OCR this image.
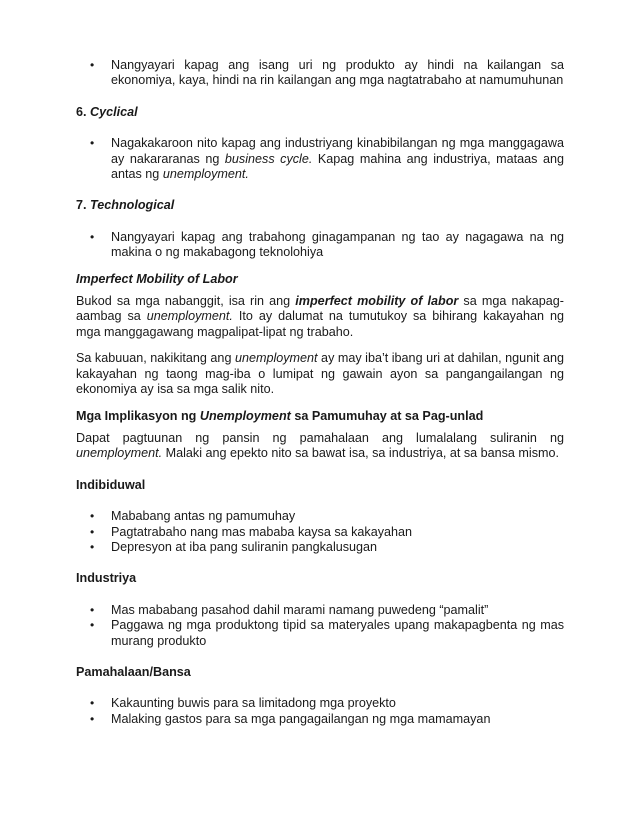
• Nangyayari kapag ang isang uri ng produkto ay hindi na kailangan sa ekonomiya, kaya, hindi na rin kailangan ang mga nagtatrabaho at namumuhunan

6. Cyclical

• Nagakakaroon nito kapag ang industriyang kinabibilangan ng mga manggagawa ay nakararanas ng business cycle. Kapag mahina ang industriya, mataas ang antas ng unemployment.

7. Technological

• Nangyayari kapag ang trabahong ginagampanan ng tao ay nagagawa na ng makina o ng makabagong teknolohiya

Imperfect Mobility of Labor

Bukod sa mga nabanggit, isa rin ang imperfect mobility of labor sa mga nakapag-aambag sa unemployment. Ito ay dalumat na tumutukoy sa bihirang kakayahan ng mga manggagawang magpalipat-lipat ng trabaho.

Sa kabuuan, nakikitang ang unemployment ay may iba’t ibang uri at dahilan, ngunit ang kakayahan ng taong mag-iba o lumipat ng gawain ayon sa pangangailangan ng ekonomiya ay isa sa mga salik nito.

Mga Implikasyon ng Unemployment sa Pamumuhay at sa Pag-unlad

Dapat pagtuunan ng pansin ng pamahalaan ang lumalalang suliranin ng unemployment. Malaki ang epekto nito sa bawat isa, sa industriya, at sa bansa mismo.

Indibiduwal

• Mababang antas ng pamumuhay
• Pagtatrabaho nang mas mababa kaysa sa kakayahan
• Depresyon at iba pang suliranin pangkalusugan

Industriya

• Mas mababang pasahod dahil marami namang puwedeng “pamalit”
• Paggawa ng mga produktong tipid sa materyales upang makapagbenta ng mas murang produkto

Pamahalaan/Bansa

• Kakaunting buwis para sa limitadong mga proyekto
• Malaking gastos para sa mga pangagailangan ng mga mamamayan
